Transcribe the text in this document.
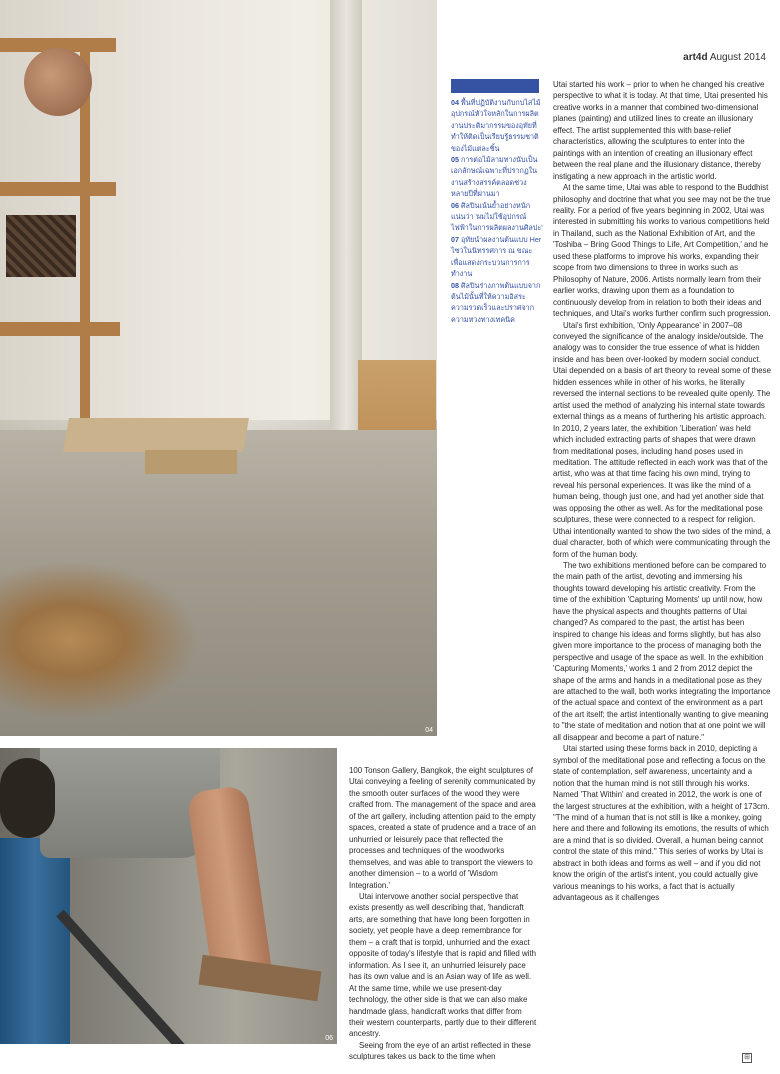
04
06
art4d August 2014

04 พื้นที่ปฏิบัติงานกับกบไสไม้ อุปกรณ์หัวใจหลักในการผลิตงานประติมากรรมของอุทัยที่ทำให้ติดเป็นเรียบรู้ธรรมชาติของไม้แต่ละชิ้น

05 การต่อไม้ลามทางนับเป็นเอกลักษณ์เฉพาะที่ปรากฏในงานสร้างสรรค์ตลอดช่วงหลายปีที่ผ่านมา

06 ศิลปินเน้นย้ำอย่างหนักแน่นว่า 'ผมไม่ใช้อุปกรณ์ไฟฟ้าในการผลิตผลงานศิลปะ'

07 อุทัยนำผลงานต้นแบบ Her ไซวในนิทรรศการ ณ ขณะ เพื่อแสดงกระบวนการการทำงาน

08 ศิลปินร่างภาพต้นแบบจากต้นไม้นั้นที่ให้ความอิสระความรวดเร็วและปราศจากความหวงทางเทคนิค

Utai started his work – prior to when he changed his creative perspective to what it is today. At that time, Utai presented his creative works in a manner that combined two-dimensional planes (painting) and utilized lines to create an illusionary effect. The artist supplemented this with base-relief characteristics, allowing the sculptures to enter into the paintings with an intention of creating an illusionary effect between the real plane and the illusionary distance, thereby instigating a new approach in the artistic world.

At the same time, Utai was able to respond to the Buddhist philosophy and doctrine that what you see may not be the true reality. For a period of five years beginning in 2002, Utai was interested in submitting his works to various competitions held in Thailand, such as the National Exhibition of Art, and the 'Toshiba – Bring Good Things to Life, Art Competition,' and he used these platforms to improve his works, expanding their scope from two dimensions to three in works such as Philosophy of Nature, 2006. Artists normally learn from their earlier works, drawing upon them as a foundation to continuously develop from in relation to both their ideas and techniques, and Utai's works further confirm such progression.

Utai's first exhibition, 'Only Appearance' in 2007–08 conveyed the significance of the analogy inside/outside. The analogy was to consider the true essence of what is hidden inside and has been over-looked by modern social conduct. Utai depended on a basis of art theory to reveal some of these hidden essences while in other of his works, he literally reversed the internal sections to be revealed quite openly. The artist used the method of analyzing his internal state towards external things as a means of furthering his artistic approach. In 2010, 2 years later, the exhibition 'Liberation' was held which included extracting parts of shapes that were drawn from meditational poses, including hand poses used in meditation. The attitude reflected in each work was that of the artist, who was at that time facing his own mind, trying to reveal his personal experiences. It was like the mind of a human being, though just one, and had yet another side that was opposing the other as well. As for the meditational pose sculptures, these were connected to a respect for religion. Uthai intentionally wanted to show the two sides of the mind, a dual character, both of which were communicating through the form of the human body.

The two exhibitions mentioned before can be compared to the main path of the artist, devoting and immersing his thoughts toward developing his artistic creativity. From the time of the exhibition 'Capturing Moments' up until now, how have the physical aspects and thoughts patterns of Utai changed? As compared to the past, the artist has been inspired to change his ideas and forms slightly, but has also given more importance to the process of managing both the perspective and usage of the space as well. In the exhibition 'Capturing Moments,' works 1 and 2 from 2012 depict the shape of the arms and hands in a meditational pose as they are attached to the wall, both works integrating the importance of the actual space and context of the environment as a part of the art itself; the artist intentionally wanting to give meaning to "the state of meditation and notion that at one point we will all disappear and become a part of nature."

Utai started using these forms back in 2010, depicting a symbol of the meditational pose and reflecting a focus on the state of contemplation, self awareness, uncertainty and a notion that the human mind is not still through his works. Named 'That Within' and created in 2012, the work is one of the largest structures at the exhibition, with a height of 173cm. "The mind of a human that is not still is like a monkey, going here and there and following its emotions, the results of which are a mind that is so divided. Overall, a human being cannot control the state of this mind." This series of works by Utai is abstract in both ideas and forms as well – and if you did not know the origin of the artist's intent, you could actually give various meanings to his works, a fact that is actually advantageous as it challenges

100 Tonson Gallery, Bangkok, the eight sculptures of Utai conveying a feeling of serenity communicated by the smooth outer surfaces of the wood they were crafted from. The management of the space and area of the art gallery, including attention paid to the empty spaces, created a state of prudence and a trace of an unhurried or leisurely pace that reflected the processes and techniques of the woodworks themselves, and was able to transport the viewers to another dimension – to a world of 'Wisdom Integration.'

Utai intervowe another social perspective that exists presently as well describing that, 'handicraft arts, are something that have long been forgotten in society, yet people have a deep remembrance for them – a craft that is torpid, unhurried and the exact opposite of today's lifestyle that is rapid and filled with information. As I see it, an unhurried leisurely pace has its own value and is an Asian way of life as well. At the same time, while we use present-day technology, the other side is that we can also make handmade glass, handicraft works that differ from their western counterparts, partly due to their different ancestry.

Seeing from the eye of an artist reflected in these sculptures takes us back to the time when	⊞
